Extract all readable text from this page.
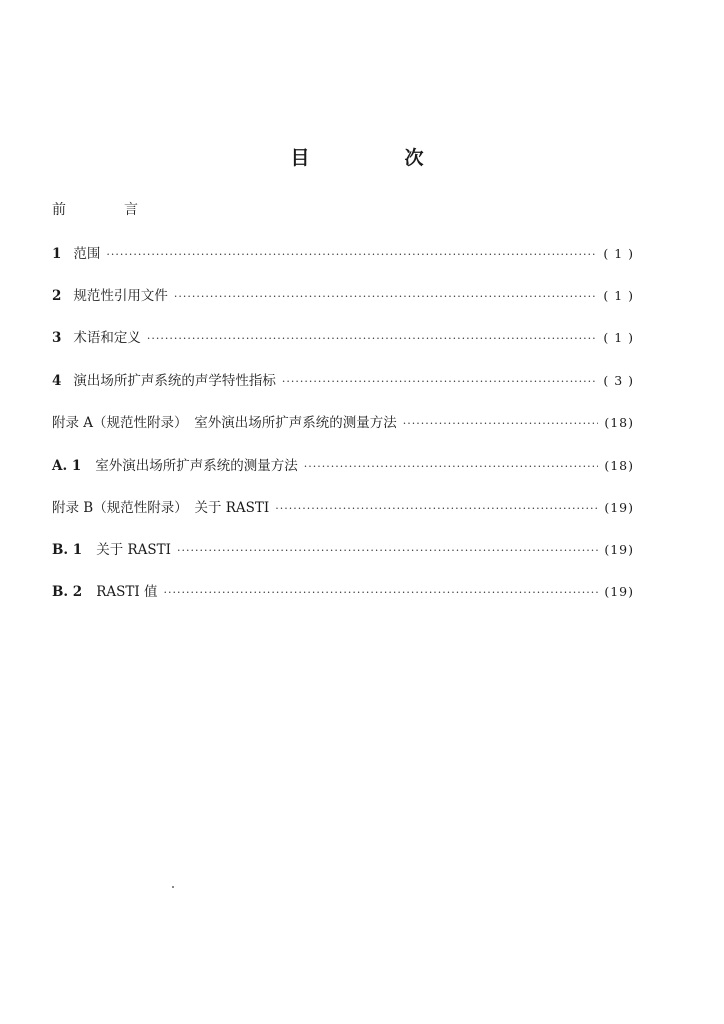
目　次
前　言
1 范围 ·····	( 1 )
2 规范性引用文件 ·····	( 1 )
3 术语和定义 ·····	( 1 )
4 演出场所扩声系统的声学特性指标 ·····	( 3 )
附录 A（规范性附录）　室外演出场所扩声系统的测量方法 ·····	(18)
A. 1 室外演出场所扩声系统的测量方法 ·····	(18)
附录 B（规范性附录）　关于 RASTI ·····	(19)
B. 1 关于 RASTI ·····	(19)
B. 2 RASTI 值 ·····	(19)
